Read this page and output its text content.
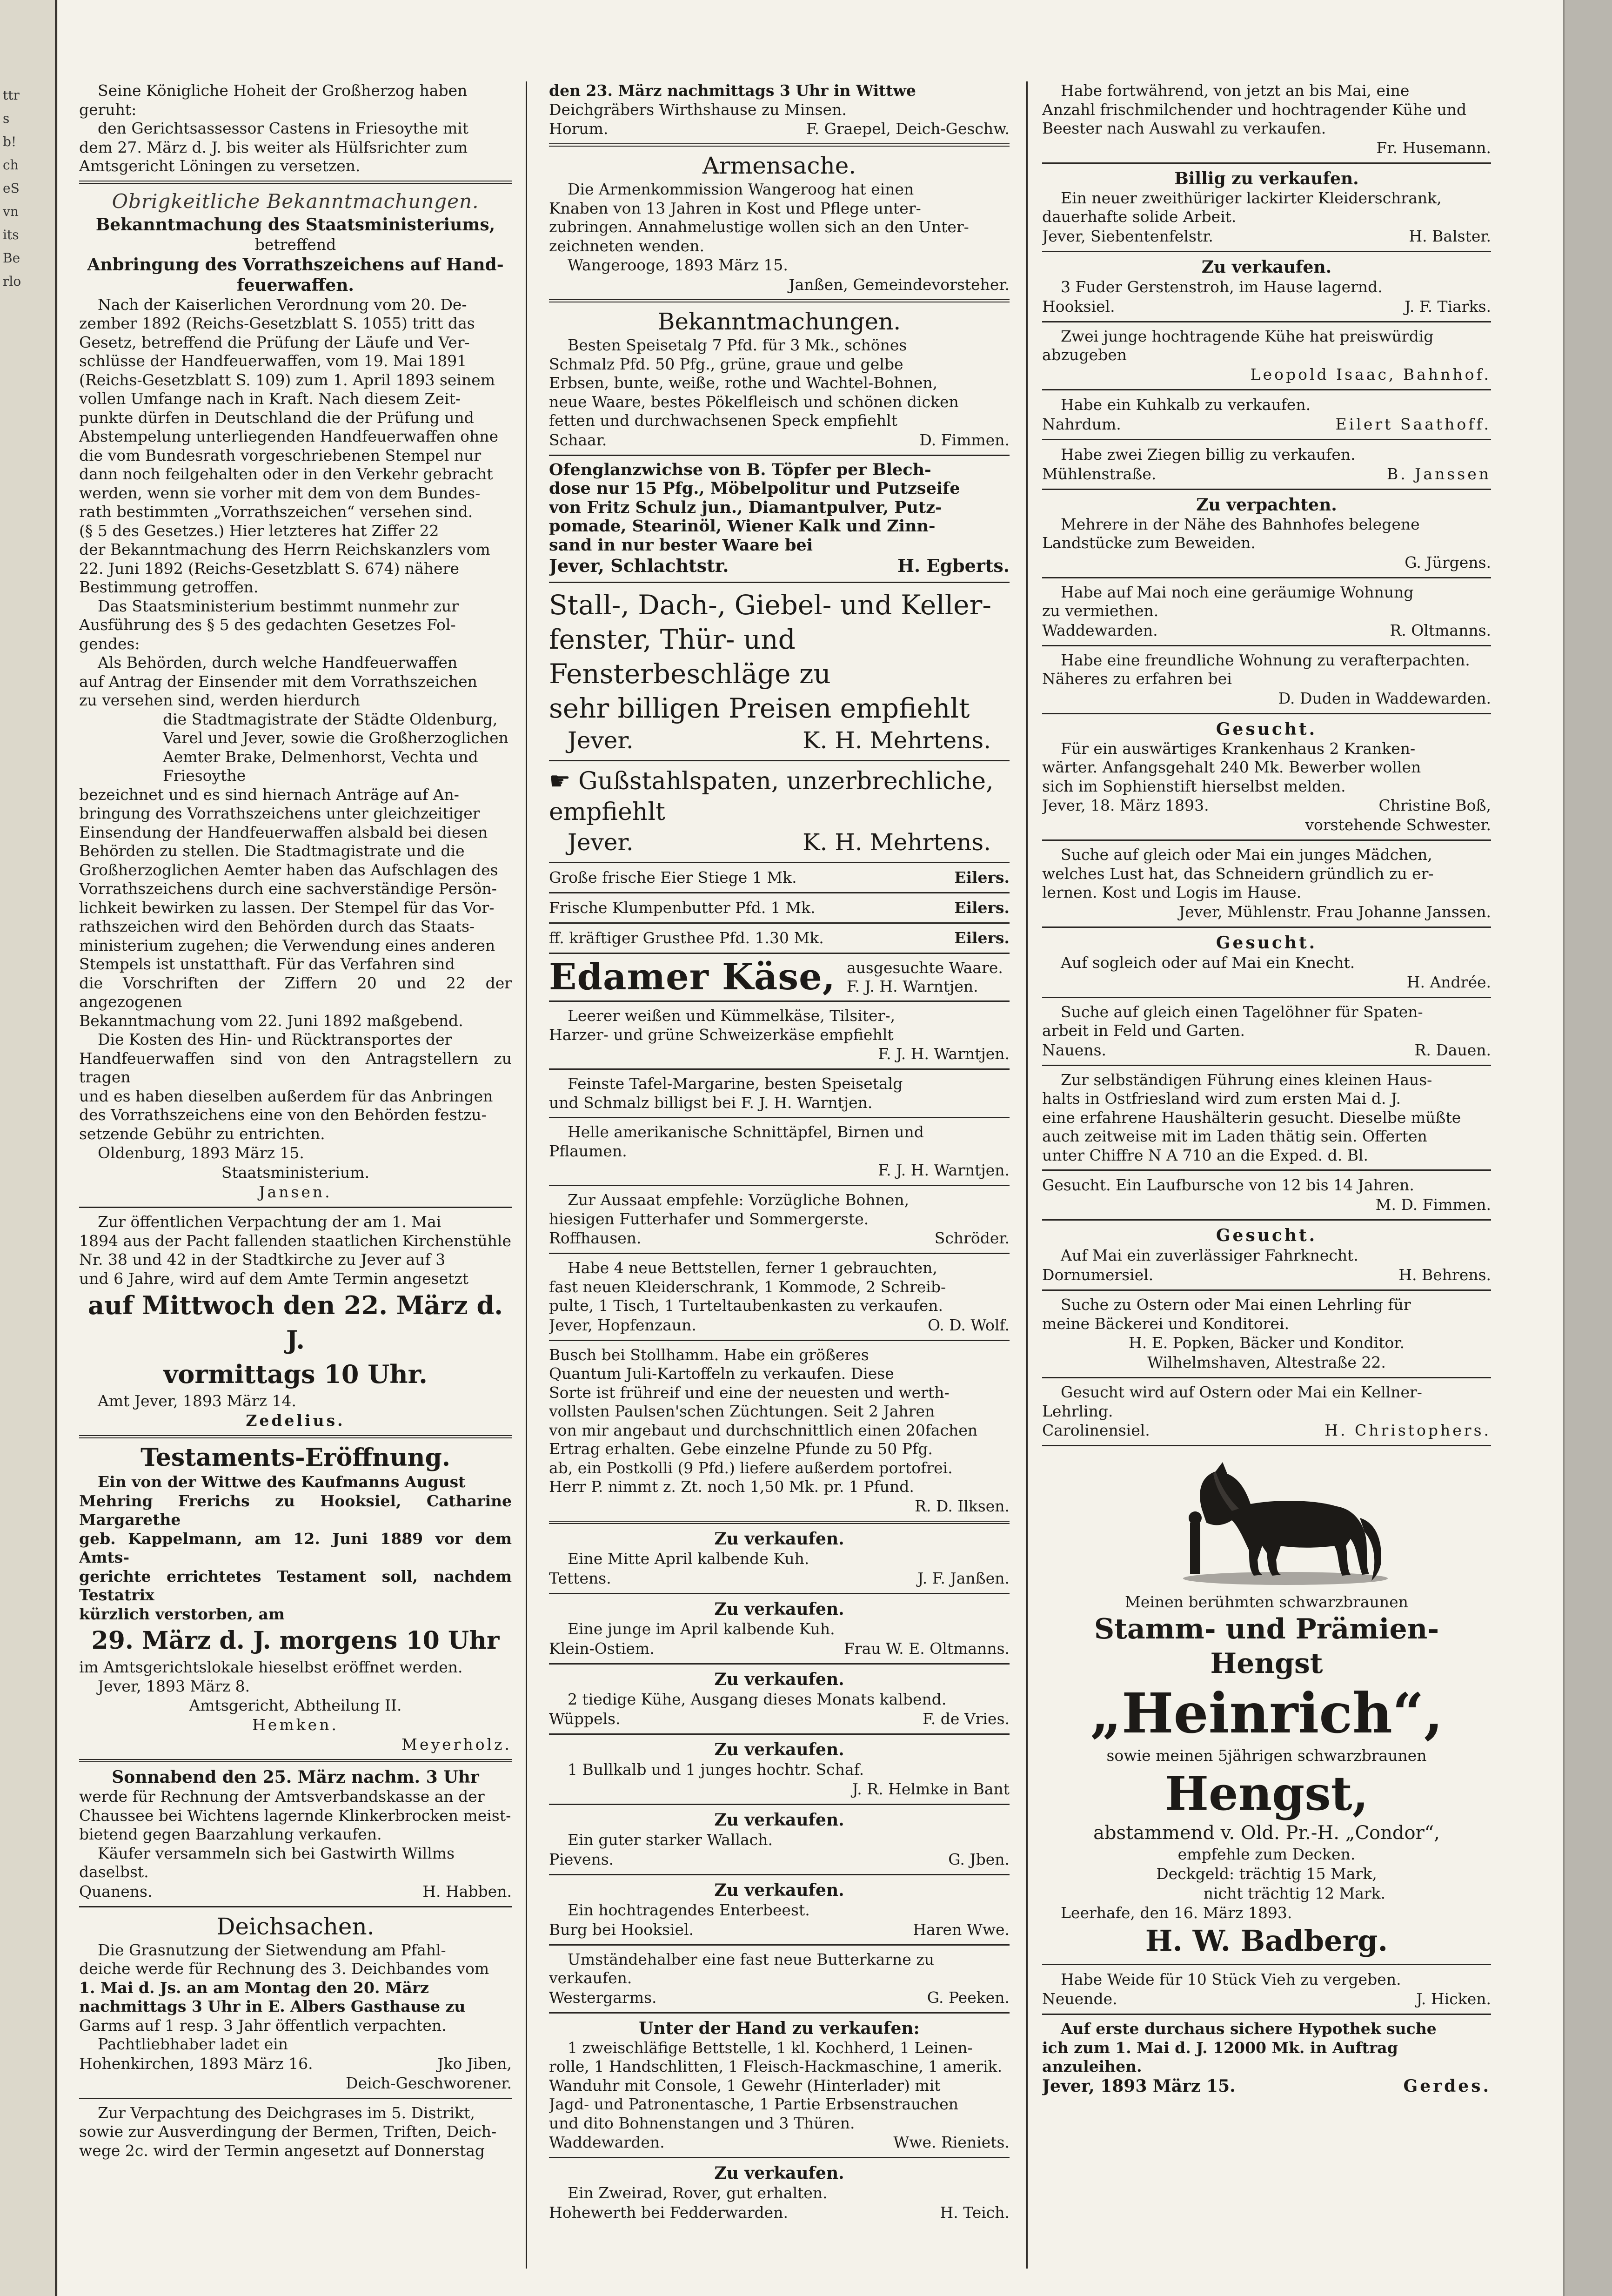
ttrsb!cheSvnitsBerlo

Seine Königliche Hoheit der Großherzog haben

geruht:

den Gerichtsassessor Castens in Friesoythe mit

dem 27. März d. J. bis weiter als Hülfsrichter zum

Amtsgericht Löningen zu versetzen.

Obrigkeitliche Bekanntmachungen.

Bekanntmachung des Staatsministeriums,

betreffend

Anbringung des Vorrathszeichens auf Hand-feuerwaffen.

Nach der Kaiserlichen Verordnung vom 20. De-

zember 1892 (Reichs-Gesetzblatt S. 1055) tritt das

Gesetz, betreffend die Prüfung der Läufe und Ver-

schlüsse der Handfeuerwaffen, vom 19. Mai 1891

(Reichs-Gesetzblatt S. 109) zum 1. April 1893 seinem

vollen Umfange nach in Kraft. Nach diesem Zeit-

punkte dürfen in Deutschland die der Prüfung und

Abstempelung unterliegenden Handfeuerwaffen ohne

die vom Bundesrath vorgeschriebenen Stempel nur

dann noch feilgehalten oder in den Verkehr gebracht

werden, wenn sie vorher mit dem von dem Bundes-

rath bestimmten „Vorrathszeichen“ versehen sind.

(§ 5 des Gesetzes.) Hier letzteres hat Ziffer 22

der Bekanntmachung des Herrn Reichskanzlers vom

22. Juni 1892 (Reichs-Gesetzblatt S. 674) nähere

Bestimmung getroffen.

Das Staatsministerium bestimmt nunmehr zur

Ausführung des § 5 des gedachten Gesetzes Fol-

gendes:

Als Behörden, durch welche Handfeuerwaffen

auf Antrag der Einsender mit dem Vorrathszeichen

zu versehen sind, werden hierdurch

die Stadtmagistrate der Städte Oldenburg,

Varel und Jever, sowie die Großherzoglichen

Aemter Brake, Delmenhorst, Vechta und

Friesoythe

bezeichnet und es sind hiernach Anträge auf An-

bringung des Vorrathszeichens unter gleichzeitiger

Einsendung der Handfeuerwaffen alsbald bei diesen

Behörden zu stellen. Die Stadtmagistrate und die

Großherzoglichen Aemter haben das Aufschlagen des

Vorrathszeichens durch eine sachverständige Persön-

lichkeit bewirken zu lassen. Der Stempel für das Vor-

rathszeichen wird den Behörden durch das Staats-

ministerium zugehen; die Verwendung eines anderen

Stempels ist unstatthaft. Für das Verfahren sind

die Vorschriften der Ziffern 20 und 22 der angezogenen

Bekanntmachung vom 22. Juni 1892 maßgebend.

Die Kosten des Hin- und Rücktransportes der

Handfeuerwaffen sind von den Antragstellern zu tragen

und es haben dieselben außerdem für das Anbringen

des Vorrathszeichens eine von den Behörden festzu-

setzende Gebühr zu entrichten.

Oldenburg, 1893 März 15.

Staatsministerium.

Jansen.

Zur öffentlichen Verpachtung der am 1. Mai

1894 aus der Pacht fallenden staatlichen Kirchenstühle

Nr. 38 und 42 in der Stadtkirche zu Jever auf 3

und 6 Jahre, wird auf dem Amte Termin angesetzt

auf Mittwoch den 22. März d. J.

vormittags 10 Uhr.

Amt Jever, 1893 März 14.

Zedelius.

Testaments-Eröffnung.

Ein von der Wittwe des Kaufmanns August

Mehring Frerichs zu Hooksiel, Catharine Margarethe

geb. Kappelmann, am 12. Juni 1889 vor dem Amts-

gerichte errichtetes Testament soll, nachdem Testatrix

kürzlich verstorben, am

29. März d. J. morgens 10 Uhr

im Amtsgerichtslokale hieselbst eröffnet werden.

Jever, 1893 März 8.

Amtsgericht, Abtheilung II.

Hemken.

Meyerholz.

Sonnabend den 25. März nachm. 3 Uhr

werde für Rechnung der Amtsverbandskasse an der

Chaussee bei Wichtens lagernde Klinkerbrocken meist-

bietend gegen Baarzahlung verkaufen.

Käufer versammeln sich bei Gastwirth Willms

daselbst.

Quanens.	H. Habben.

Deichsachen.

Die Grasnutzung der Sietwendung am Pfahl-

deiche werde für Rechnung des 3. Deichbandes vom

1. Mai d. Js. an am Montag den 20. März

nachmittags 3 Uhr in E. Albers Gasthause zu

Garms auf 1 resp. 3 Jahr öffentlich verpachten.

Pachtliebhaber ladet ein

Hohenkirchen, 1893 März 16.	Jko Jiben,

Deich-Geschworener.

Zur Verpachtung des Deichgrases im 5. Distrikt,

sowie zur Ausverdingung der Bermen, Triften, Deich-

wege 2c. wird der Termin angesetzt auf Donnerstag

den 23. März nachmittags 3 Uhr in Wittwe

Deichgräbers Wirthshause zu Minsen.

Horum.	F. Graepel, Deich-Geschw.

Armensache.

Die Armenkommission Wangeroog hat einen

Knaben von 13 Jahren in Kost und Pflege unter-

zubringen. Annahmelustige wollen sich an den Unter-

zeichneten wenden.

Wangerooge, 1893 März 15.

Janßen, Gemeindevorsteher.

Bekanntmachungen.

Besten Speisetalg 7 Pfd. für 3 Mk., schönes

Schmalz Pfd. 50 Pfg., grüne, graue und gelbe

Erbsen, bunte, weiße, rothe und Wachtel-Bohnen,

neue Waare, bestes Pökelfleisch und schönen dicken

fetten und durchwachsenen Speck empfiehlt

Schaar.	D. Fimmen.

Ofenglanzwichse von B. Töpfer per Blech-

dose nur 15 Pfg., Möbelpolitur und Putzseife

von Fritz Schulz jun., Diamantpulver, Putz-

pomade, Stearinöl, Wiener Kalk und Zinn-

sand in nur bester Waare bei

Jever, Schlachtstr.	H. Egberts.

Stall-, Dach-, Giebel- und Keller-

fenster, Thür- und Fensterbeschläge zu

sehr billigen Preisen empfiehlt

Jever.	K. H. Mehrtens.

☛ Gußstahlspaten, unzerbrechliche,

empfiehlt

Jever.	K. H. Mehrtens.
Große frische Eier Stiege 1 Mk.	Eilers.
Frische Klumpenbutter Pfd. 1 Mk.	Eilers.
ff. kräftiger Grusthee Pfd. 1.30 Mk.	Eilers.
Edamer Käse, ausgesuchte Waare.

F. J. H. Warntjen.

Leerer weißen und Kümmelkäse, Tilsiter-,

Harzer- und grüne Schweizerkäse empfiehlt

F. J. H. Warntjen.

Feinste Tafel-Margarine, besten Speisetalg

und Schmalz billigst bei F. J. H. Warntjen.

Helle amerikanische Schnittäpfel, Birnen und

Pflaumen.

F. J. H. Warntjen.

Zur Aussaat empfehle: Vorzügliche Bohnen,

hiesigen Futterhafer und Sommergerste.

Roffhausen.	Schröder.

Habe 4 neue Bettstellen, ferner 1 gebrauchten,

fast neuen Kleiderschrank, 1 Kommode, 2 Schreib-

pulte, 1 Tisch, 1 Turteltaubenkasten zu verkaufen.

Jever, Hopfenzaun.	O. D. Wolf.

Busch bei Stollhamm. Habe ein größeres

Quantum Juli-Kartoffeln zu verkaufen. Diese

Sorte ist frühreif und eine der neuesten und werth-

vollsten Paulsen'schen Züchtungen. Seit 2 Jahren

von mir angebaut und durchschnittlich einen 20fachen

Ertrag erhalten. Gebe einzelne Pfunde zu 50 Pfg.

ab, ein Postkolli (9 Pfd.) liefere außerdem portofrei.

Herr P. nimmt z. Zt. noch 1,50 Mk. pr. 1 Pfund.

R. D. Ilksen.

Zu verkaufen.

Eine Mitte April kalbende Kuh.

Tettens.	J. F. Janßen.

Zu verkaufen.

Eine junge im April kalbende Kuh.

Klein-Ostiem.	Frau W. E. Oltmanns.

Zu verkaufen.

2 tiedige Kühe, Ausgang dieses Monats kalbend.

Wüppels.	F. de Vries.

Zu verkaufen.

1 Bullkalb und 1 junges hochtr. Schaf.

J. R. Helmke in Bant

Zu verkaufen.

Ein guter starker Wallach.

Pievens.	G. Jben.

Zu verkaufen.

Ein hochtragendes Enterbeest.

Burg bei Hooksiel.	Haren Wwe.

Umständehalber eine fast neue Butterkarne zu

verkaufen.

Westergarms.	G. Peeken.

Unter der Hand zu verkaufen:

1 zweischläfige Bettstelle, 1 kl. Kochherd, 1 Leinen-

rolle, 1 Handschlitten, 1 Fleisch-Hackmaschine, 1 amerik.

Wanduhr mit Console, 1 Gewehr (Hinterlader) mit

Jagd- und Patronentasche, 1 Partie Erbsenstrauchen

und dito Bohnenstangen und 3 Thüren.

Waddewarden.	Wwe. Rieniets.

Zu verkaufen.

Ein Zweirad, Rover, gut erhalten.

Hohewerth bei Fedderwarden.	H. Teich.

Habe fortwährend, von jetzt an bis Mai, eine

Anzahl frischmilchender und hochtragender Kühe und

Beester nach Auswahl zu verkaufen.

Fr. Husemann.

Billig zu verkaufen.

Ein neuer zweithüriger lackirter Kleiderschrank,

dauerhafte solide Arbeit.

Jever, Siebentenfelstr.	H. Balster.

Zu verkaufen.

3 Fuder Gerstenstroh, im Hause lagernd.

Hooksiel.	J. F. Tiarks.

Zwei junge hochtragende Kühe hat preiswürdig

abzugeben

Leopold Isaac, Bahnhof.

Habe ein Kuhkalb zu verkaufen.

Nahrdum.	Eilert Saathoff.

Habe zwei Ziegen billig zu verkaufen.

Mühlenstraße.	B. Janssen

Zu verpachten.

Mehrere in der Nähe des Bahnhofes belegene

Landstücke zum Beweiden.

G. Jürgens.

Habe auf Mai noch eine geräumige Wohnung

zu vermiethen.

Waddewarden.	R. Oltmanns.

Habe eine freundliche Wohnung zu verafterpachten.

Näheres zu erfahren bei

D. Duden in Waddewarden.

Gesucht.

Für ein auswärtiges Krankenhaus 2 Kranken-

wärter. Anfangsgehalt 240 Mk. Bewerber wollen

sich im Sophienstift hierselbst melden.

Jever, 18. März 1893.	Christine Boß,

vorstehende Schwester.

Suche auf gleich oder Mai ein junges Mädchen,

welches Lust hat, das Schneidern gründlich zu er-

lernen. Kost und Logis im Hause.

Jever, Mühlenstr. Frau Johanne Janssen.

Gesucht.

Auf sogleich oder auf Mai ein Knecht.

H. Andrée.

Suche auf gleich einen Tagelöhner für Spaten-

arbeit in Feld und Garten.

Nauens.	R. Dauen.

Zur selbständigen Führung eines kleinen Haus-

halts in Ostfriesland wird zum ersten Mai d. J.

eine erfahrene Haushälterin gesucht. Dieselbe müßte

auch zeitweise mit im Laden thätig sein. Offerten

unter Chiffre N A 710 an die Exped. d. Bl.

Gesucht. Ein Laufbursche von 12 bis 14 Jahren.

M. D. Fimmen.

Gesucht.

Auf Mai ein zuverlässiger Fahrknecht.

Dornumersiel.	H. Behrens.

Suche zu Ostern oder Mai einen Lehrling für

meine Bäckerei und Konditorei.

H. E. Popken, Bäcker und Konditor.

Wilhelmshaven, Altestraße 22.

Gesucht wird auf Ostern oder Mai ein Kellner-

Lehrling.

Carolinensiel.	H. Christophers.

Meinen berühmten schwarzbraunen

Stamm- und Prämien-Hengst

„Heinrich“,

sowie meinen 5jährigen schwarzbraunen

Hengst,

abstammend v. Old. Pr.-H. „Condor“,

empfehle zum Decken.

Deckgeld: trächtig 15 Mark,

nicht trächtig 12 Mark.

Leerhafe, den 16. März 1893.

H. W. Badberg.

Habe Weide für 10 Stück Vieh zu vergeben.

Neuende.	J. Hicken.

Auf erste durchaus sichere Hypothek suche

ich zum 1. Mai d. J. 12000 Mk. in Auftrag

anzuleihen.

Jever, 1893 März 15.	Gerdes.
